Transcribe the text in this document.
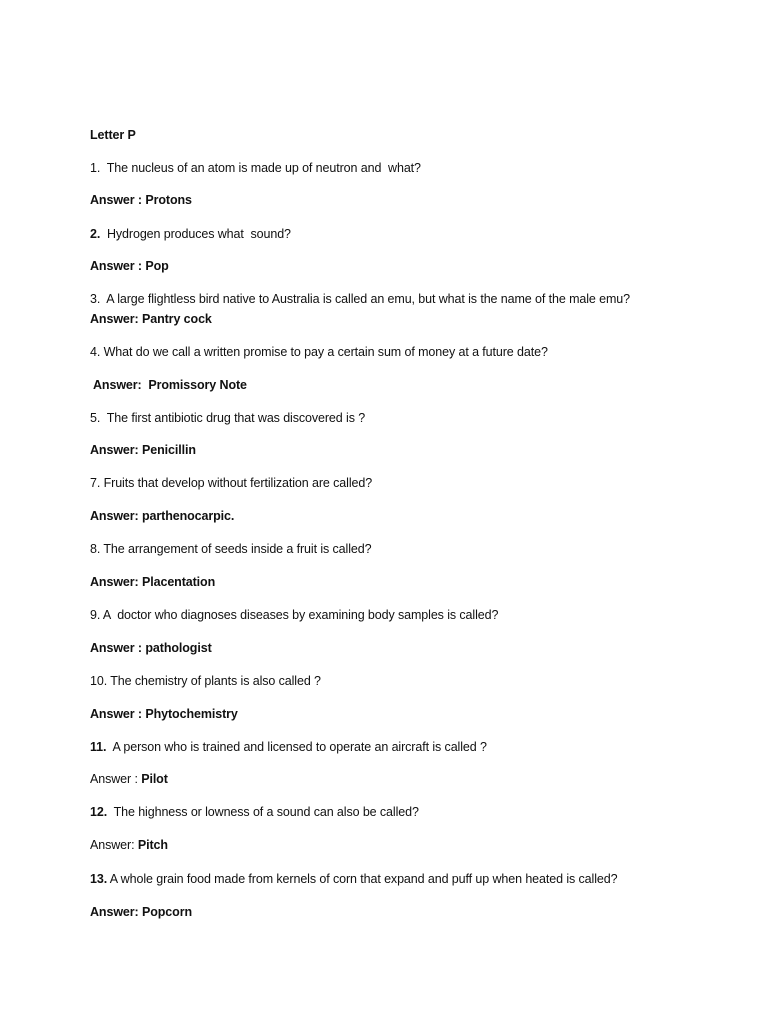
Letter P
1.  The nucleus of an atom is made up of neutron and  what?
Answer : Protons
2.  Hydrogen produces what  sound?
Answer : Pop
3.  A large flightless bird native to Australia is called an emu, but what is the name of the male emu?
Answer: Pantry cock
4. What do we call a written promise to pay a certain sum of money at a future date?
Answer:  Promissory Note
5.  The first antibiotic drug that was discovered is ?
Answer: Penicillin
7. Fruits that develop without fertilization are called?
Answer: parthenocarpic.
8. The arrangement of seeds inside a fruit is called?
Answer: Placentation
9. A  doctor who diagnoses diseases by examining body samples is called?
Answer : pathologist
10. The chemistry of plants is also called ?
Answer : Phytochemistry
11.  A person who is trained and licensed to operate an aircraft is called ?
Answer : Pilot
12.  The highness or lowness of a sound can also be called?
Answer: Pitch
13. A whole grain food made from kernels of corn that expand and puff up when heated is called?
Answer: Popcorn
